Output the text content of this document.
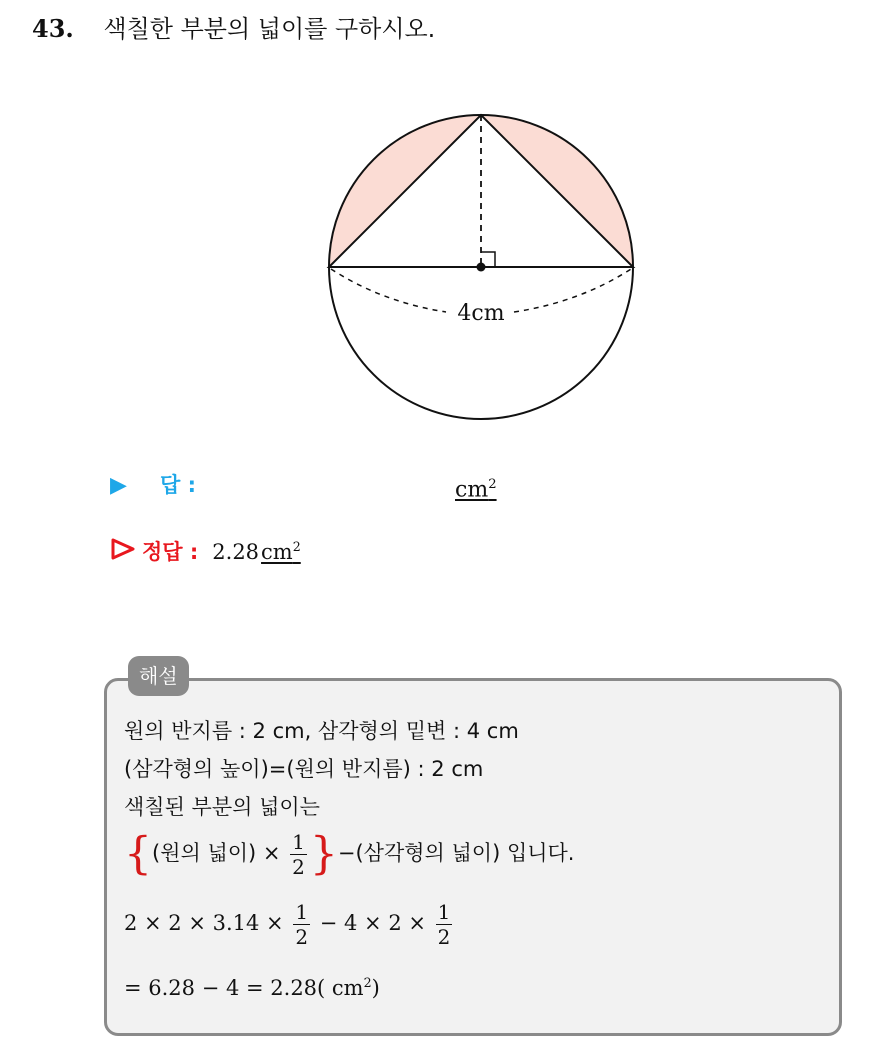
43. 색칠한 부분의 넓이를 구하시오.
4cm
▶ 답 :	$cm^2$
정답 : $2.28cm^2$
해설
원의 반지름 : 2 cm, 삼각형의 밑변 : 4 cm
(삼각형의 높이)=(원의 반지름) : 2 cm
색칠된 부분의 넓이는
{(원의 넓이) × $\frac{1}{2}$ }−(삼각형의 넓이) 입니다.
$2 \times 2 \times 3.14 \times \frac{1}{2} - 4 \times 2 \times \frac{1}{2}$
= 6.28 − 4 = 2.28( $cm^2$)
